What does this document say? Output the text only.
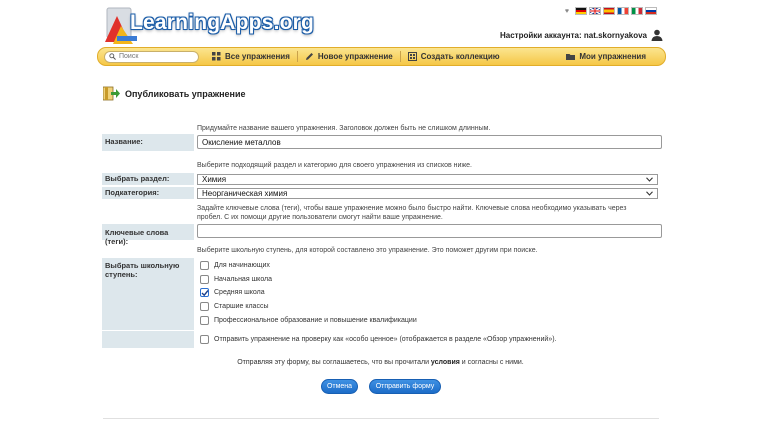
LearningApps.org	♥
Настройки аккаунта: nat.skornyakova
Поиск
Все упражнения	Новое упражнение	Создать коллекцию	Мои упражнения
Опубликовать упражнение
Придумайте название вашего упражнения. Заголовок должен быть не слишком длинным.
Название:
Окисление металлов
Выберите подходящий раздел и категорию для своего упражнения из списков ниже.
Выбрать раздел:	Химия
Подкатегория:	Неорганическая химия
Задайте ключевые слова (теги), чтобы ваше упражнение можно было быстро найти. Ключевые слова необходимо указывать через пробел. С их помощи другие пользователи смогут найти ваше упражнение.
Ключевые слова (теги):
Выберите школьную ступень, для которой составлено это упражнение. Это поможет другим при поиске.
Выбрать школьную ступень:
Для начинающих
Начальная школа
Средняя школа
Старшие классы
Профессиональное образование и повышение квалификации
Отправить упражнение на проверку как «особо ценное» (отображается в разделе «Обзор упражнений»).
Отправляя эту форму, вы соглашаетесь, что вы прочитали условия и согласны с ними.
Отмена	Отправить форму
